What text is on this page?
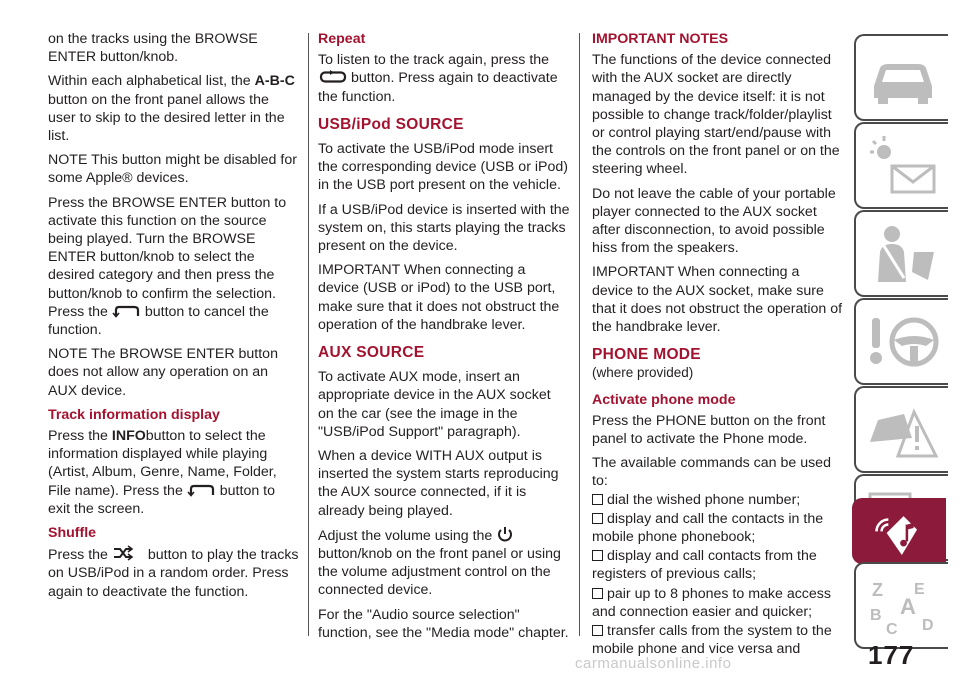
on the tracks using the BROWSE ENTER button/knob.

Within each alphabetical list, the A-B-C button on the front panel allows the user to skip to the desired letter in the list.

NOTE This button might be disabled for some Apple® devices.

Press the BROWSE ENTER button to activate this function on the source being played. Turn the BROWSE ENTER button/knob to select the desired category and then press the button/knob to confirm the selection. Press the
button to cancel the function.

NOTE The BROWSE ENTER button does not allow any operation on an AUX device.

Track information display

Press the INFObutton to select the information displayed while playing (Artist, Album, Genre, Name, Folder, File name). Press the
button to exit the screen.

Shuffle

Press the	button to play the tracks on USB/iPod in a random order. Press again to deactivate the function.

Repeat

To listen to the track again, press the
button. Press again to deactivate the function.

USB/iPod SOURCE

To activate the USB/iPod mode insert the corresponding device (USB or iPod) in the USB port present on the vehicle.

If a USB/iPod device is inserted with the system on, this starts playing the tracks present on the device.

IMPORTANT When connecting a device (USB or iPod) to the USB port, make sure that it does not obstruct the operation of the handbrake lever.

AUX SOURCE

To activate AUX mode, insert an appropriate device in the AUX socket on the car (see the image in the "USB/iPod Support" paragraph).

When a device WITH AUX output is inserted the system starts reproducing the AUX source connected, if it is already being played.

Adjust the volume using the
button/knob on the front panel or using the volume adjustment control on the connected device.

For the "Audio source selection" function, see the "Media mode" chapter.

IMPORTANT NOTES

The functions of the device connected with the AUX socket are directly managed by the device itself: it is not possible to change track/folder/playlist or control playing start/end/pause with the controls on the front panel or on the steering wheel.

Do not leave the cable of your portable player connected to the AUX socket after disconnection, to avoid possible hiss from the speakers.

IMPORTANT When connecting a device to the AUX socket, make sure that it does not obstruct the operation of the handbrake lever.

PHONE MODE
(where provided)
Activate phone mode

Press the PHONE button on the front panel to activate the Phone mode.

The available commands can be used to:

dial the wished phone number;
display and call the contacts in the mobile phone phonebook;
display and call contacts from the registers of previous calls;
pair up to 8 phones to make access and connection easier and quicker;
transfer calls from the system to the mobile phone and vice versa and
Z E
A
B
C D
177
carmanualsonline.info
